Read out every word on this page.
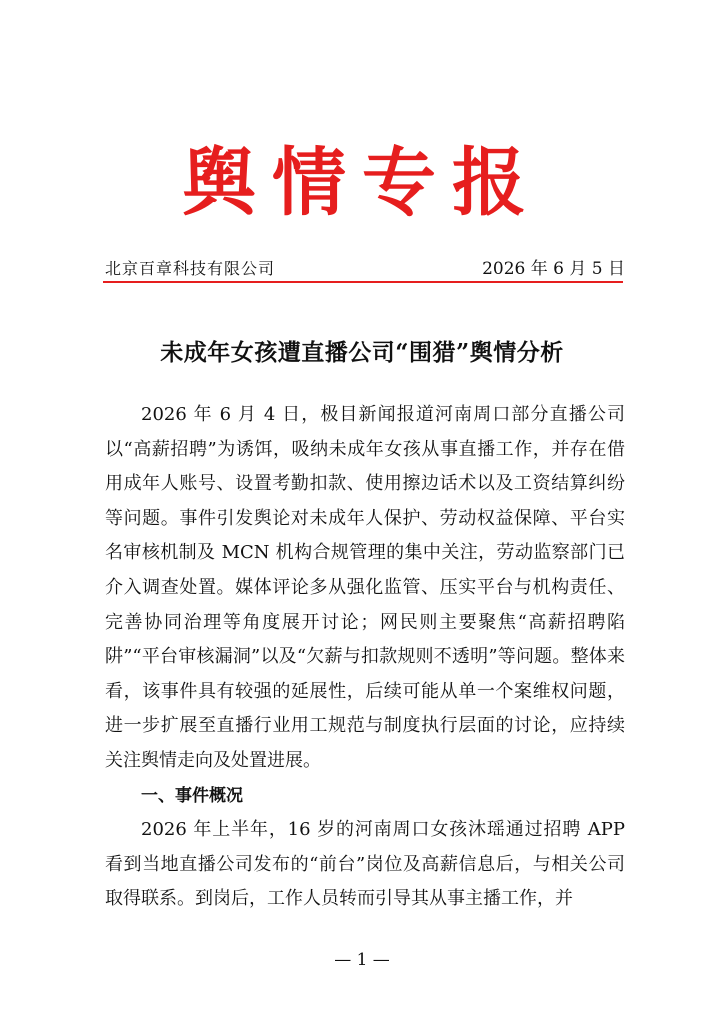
舆情专报
北京百章科技有限公司	2026 年 6 月 5 日
未成年女孩遭直播公司“围猎”舆情分析

2026 年 6 月 4 日，极目新闻报道河南周口部分直播公司以“高薪招聘”为诱饵，吸纳未成年女孩从事直播工作，并存在借用成年人账号、设置考勤扣款、使用擦边话术以及工资结算纠纷等问题。事件引发舆论对未成年人保护、劳动权益保障、平台实名审核机制及 MCN 机构合规管理的集中关注，劳动监察部门已介入调查处置。媒体评论多从强化监管、压实平台与机构责任、完善协同治理等角度展开讨论；网民则主要聚焦“高薪招聘陷阱”“平台审核漏洞”以及“欠薪与扣款规则不透明”等问题。整体来看，该事件具有较强的延展性，后续可能从单一个案维权问题，进一步扩展至直播行业用工规范与制度执行层面的讨论，应持续关注舆情走向及处置进展。

一、事件概况

2026 年上半年，16 岁的河南周口女孩沐瑶通过招聘 APP 看到当地直播公司发布的“前台”岗位及高薪信息后，与相关公司取得联系。到岗后，工作人员转而引导其从事主播工作，并

— 1 —
